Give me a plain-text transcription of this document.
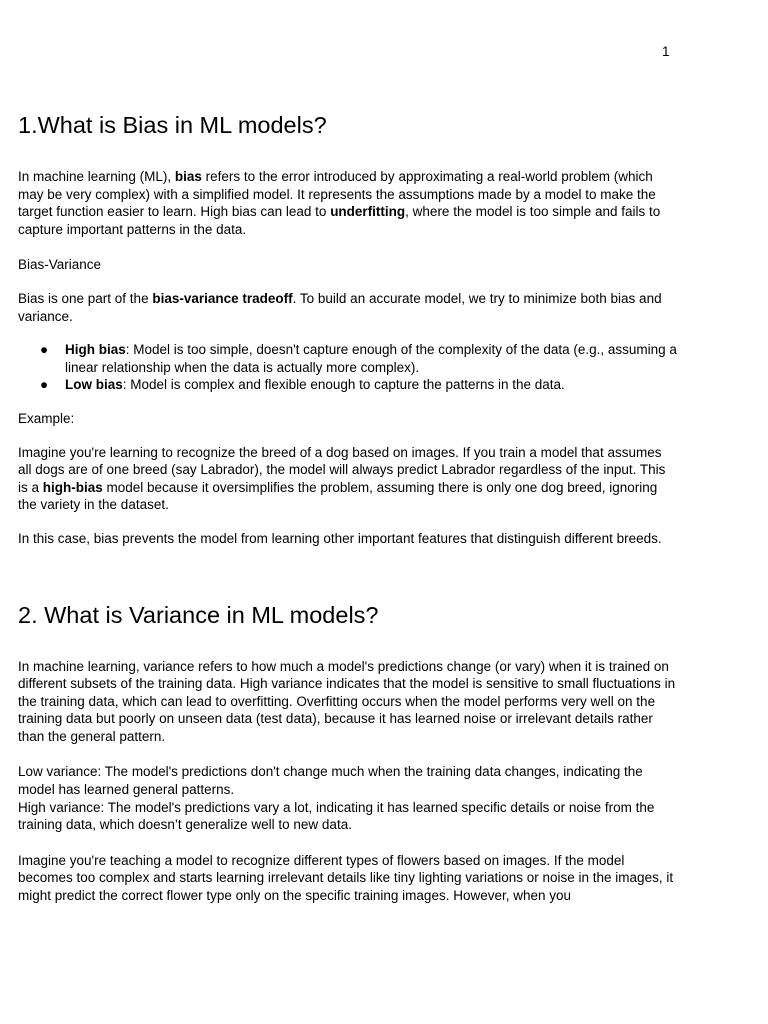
1
1.What is Bias in ML models?

In machine learning (ML), bias refers to the error introduced by approximating a real-world problem (which may be very complex) with a simplified model. It represents the assumptions made by a model to make the target function easier to learn. High bias can lead to underfitting, where the model is too simple and fails to capture important patterns in the data.

Bias-Variance

Bias is one part of the bias-variance tradeoff. To build an accurate model, we try to minimize both bias and variance.

● High bias: Model is too simple, doesn't capture enough of the complexity of the data (e.g., assuming a linear relationship when the data is actually more complex).
● Low bias: Model is complex and flexible enough to capture the patterns in the data.

Example:

Imagine you're learning to recognize the breed of a dog based on images. If you train a model that assumes all dogs are of one breed (say Labrador), the model will always predict Labrador regardless of the input. This is a high-bias model because it oversimplifies the problem, assuming there is only one dog breed, ignoring the variety in the dataset.

In this case, bias prevents the model from learning other important features that distinguish different breeds.

2. What is Variance in ML models?

In machine learning, variance refers to how much a model's predictions change (or vary) when it is trained on different subsets of the training data. High variance indicates that the model is sensitive to small fluctuations in the training data, which can lead to overfitting. Overfitting occurs when the model performs very well on the training data but poorly on unseen data (test data), because it has learned noise or irrelevant details rather than the general pattern.

Low variance: The model's predictions don't change much when the training data changes, indicating the model has learned general patterns.

High variance: The model's predictions vary a lot, indicating it has learned specific details or noise from the training data, which doesn’t generalize well to new data.

Imagine you're teaching a model to recognize different types of flowers based on images. If the model becomes too complex and starts learning irrelevant details like tiny lighting variations or noise in the images, it might predict the correct flower type only on the specific training images. However, when you
